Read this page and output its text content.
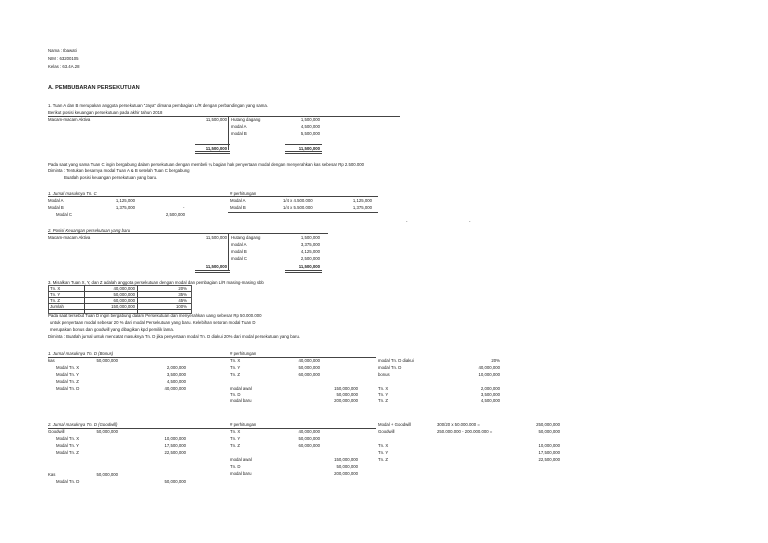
Nama : Ibawati
NIM : 63200105
Kelas : 63.4A.28
A. PEMBUBARAN PERSEKUTUAN
1. Tuan A dan B merupakan anggota persekutuan "Jaya" dimana pembagian L/R dengan perbandingan yang sama.
Berikut posisi keuangan persekutuan pada akhir tahun 2018
Macam-macam Aktiva	11,500,000 Hutang dagang	1,500,000
modal A	4,500,000
modal B	5,500,000
11,500,000	11,500,000
Pada saat yang sama Tuan C ingin bergabung dalam persekutuan dengan membeli ¼ bagian hak penyertaan modal dengan menyerahkan kas sebesar Rp 2.500.000
Diminta : Tentukan besarnya modal Tuan A & B setelah Tuan C bergabung
Buatlah posisi keuangan persekutuan yang baru.
1. Jumal masuknya Tn. C
Modal A	1,125,000
Modal B	1,375,000
Modal C	2,500,000
-
# perhitungan
Modal A	1/4 x 4.500.000	1,125,000
Modal B	1/4 x 5.500.000	1,375,000
-	-
2. Posisi Keuangan persekutuan yang baru
Macam-macam Aktiva	11,500,000 Hutang dagang	1,500,000
modal A	3,375,000
modal B	4,125,000
modal C	2,500,000
11,500,000	11,500,000
3. Misalkan Tuan X, Y, dan Z adalah anggota persekutuan dengan modal dan pembagian L/R masing-masing sbb
Tn. X	40,000,000	20%
Tn. Y	50,000,000	35%
Tn. Z	60,000,000	45%
Jumlah	150,000,000	100%
Pada saat tersebut Tuan D ingin bergabung dalam Persekutuan dan menyerahkan uang sebesar Rp 50.000.000
untuk penyertaan modal sebesar 20 % dari modal Persekutuan yang baru. Kelebihan setoran modal Tuan D
merupakan bonus dan goodwill yang dibagikan kpd pemilik lama.
Diminta : Buatlah jurnal untuk mencatat masuknya Tn. D jika penyertaan modal Tn. D diakui 20% dari modal persekutuan yang baru.
1. Jurnal masuknya Tn. D (Bonus)
kas	50,000,000
Modal Tn. X	2,000,000
Modal Tn. Y	3,500,000
Modal Tn. Z	4,500,000
Modal Tn. D	40,000,000
# perhitungan
Tn. X	40,000,000
Tn. Y	50,000,000
Tn. Z	60,000,000
modal awal	150,000,000
Tn. D	50,000,000
modal baru	200,000,000
modal Tn. D diakui	20%
modal Tn. D	40,000,000
bonus	10,000,000
Tn. X	2,000,000
Tn. Y	3,500,000
Tn. Z	4,500,000
2. Jurnal masuknya Tn. D (Goodwill)
Goodwill	50,000,000
Modal Tn. X	10,000,000
Modal Tn. Y	17,500,000
Modal Tn. Z	22,500,000
Kas	50,000,000
Modal Tn. D	50,000,000
# perhitungan
Tn. X	40,000,000
Tn. Y	50,000,000
Tn. Z	60,000,000
modal awal	150,000,000
Tn. D	50,000,000
modal baru	200,000,000
Modal + Goodwill	300/20 x 50.000.000 =	250,000,000
Goodwill	250.000.000 - 200.000.000 =	50,000,000
Tn. X	10,000,000
Tn. Y	17,500,000
Tn. Z	22,500,000
